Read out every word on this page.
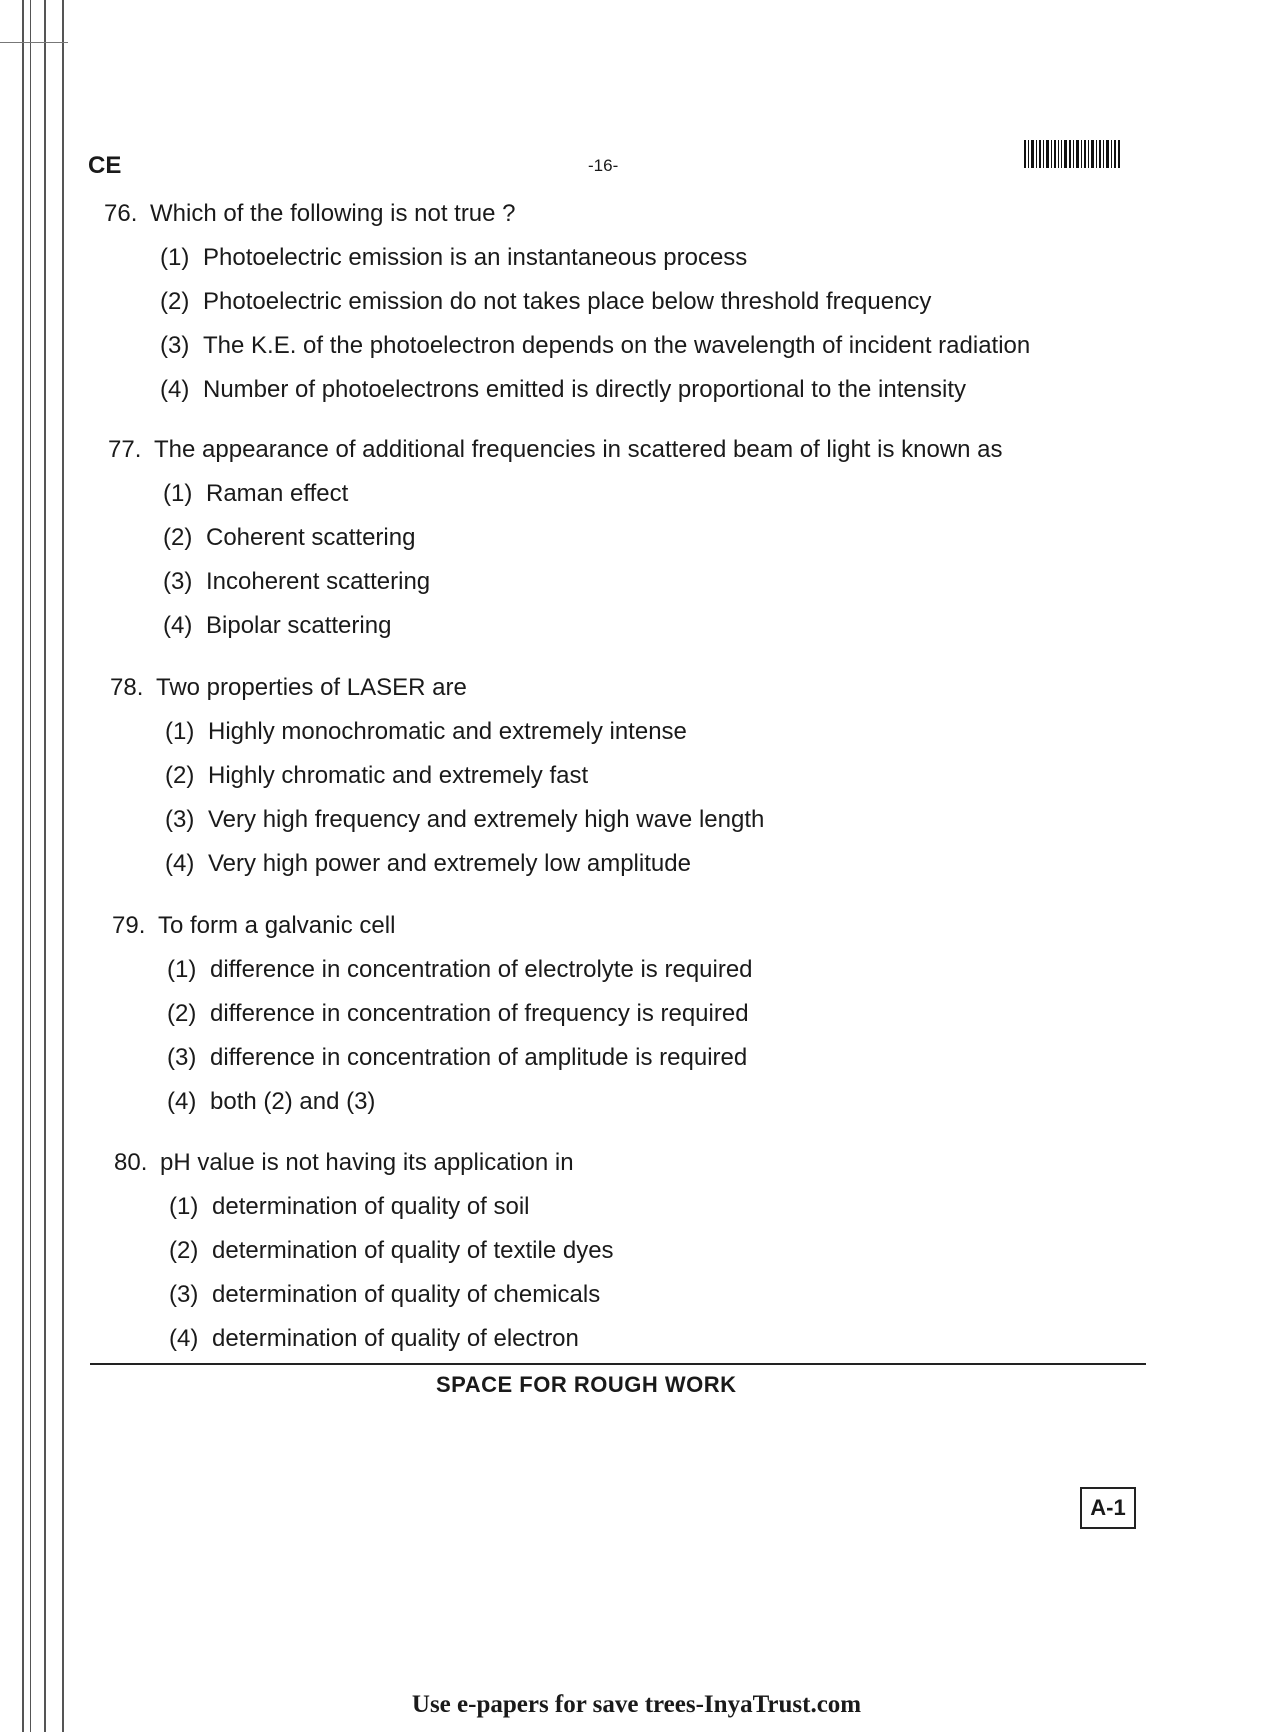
CE	-16-
76. Which of the following is not true ?
(1) Photoelectric emission is an instantaneous process
(2) Photoelectric emission do not takes place below threshold frequency
(3) The K.E. of the photoelectron depends on the wavelength of incident radiation
(4) Number of photoelectrons emitted is directly proportional to the intensity
77. The appearance of additional frequencies in scattered beam of light is known as
(1) Raman effect
(2) Coherent scattering
(3) Incoherent scattering
(4) Bipolar scattering
78. Two properties of LASER are
(1) Highly monochromatic and extremely intense
(2) Highly chromatic and extremely fast
(3) Very high frequency and extremely high wave length
(4) Very high power and extremely low amplitude
79. To form a galvanic cell
(1) difference in concentration of electrolyte is required
(2) difference in concentration of frequency is required
(3) difference in concentration of amplitude is required
(4) both (2) and (3)
80. pH value is not having its application in
(1) determination of quality of soil
(2) determination of quality of textile dyes
(3) determination of quality of chemicals
(4) determination of quality of electron
SPACE FOR ROUGH WORK
A-1
Use e-papers for save trees-InyaTrust.com
